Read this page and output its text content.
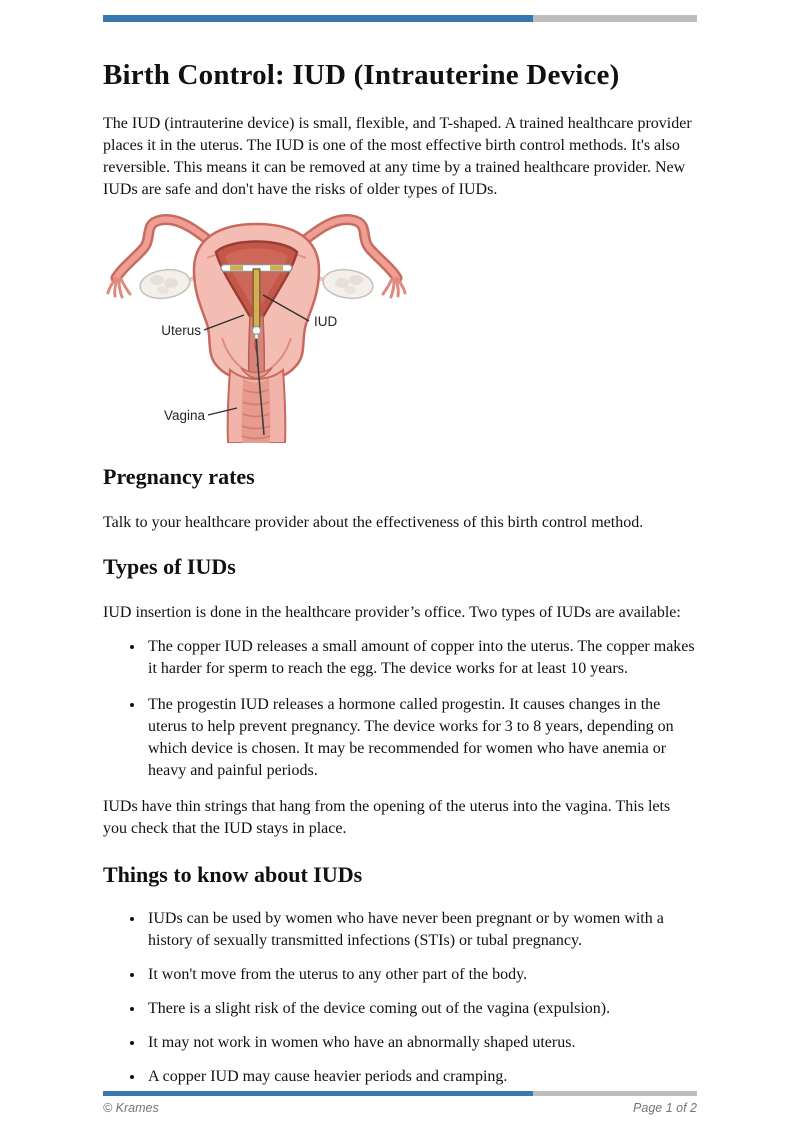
Birth Control: IUD (Intrauterine Device)

The IUD (intrauterine device) is small, flexible, and T-shaped. A trained healthcare provider places it in the uterus. The IUD is one of the most effective birth control methods. It's also reversible. This means it can be removed at any time by a trained healthcare provider. New IUDs are safe and don't have the risks of older types of IUDs.

Uterus
IUD
Vagina
Pregnancy rates

Talk to your healthcare provider about the effectiveness of this birth control method.

Types of IUDs

IUD insertion is done in the healthcare provider’s office. Two types of IUDs are available:

• The copper IUD releases a small amount of copper into the uterus. The copper makes it harder for sperm to reach the egg. The device works for at least 10 years.
• The progestin IUD releases a hormone called progestin. It causes changes in the uterus to help prevent pregnancy. The device works for 3 to 8 years, depending on which device is chosen. It may be recommended for women who have anemia or heavy and painful periods.

IUDs have thin strings that hang from the opening of the uterus into the vagina. This lets you check that the IUD stays in place.

Things to know about IUDs
• IUDs can be used by women who have never been pregnant or by women with a history of sexually transmitted infections (STIs) or tubal pregnancy.
• It won't move from the uterus to any other part of the body.
• There is a slight risk of the device coming out of the vagina (expulsion).
• It may not work in women who have an abnormally shaped uterus.
• A copper IUD may cause heavier periods and cramping.
© Krames	Page 1 of 2
